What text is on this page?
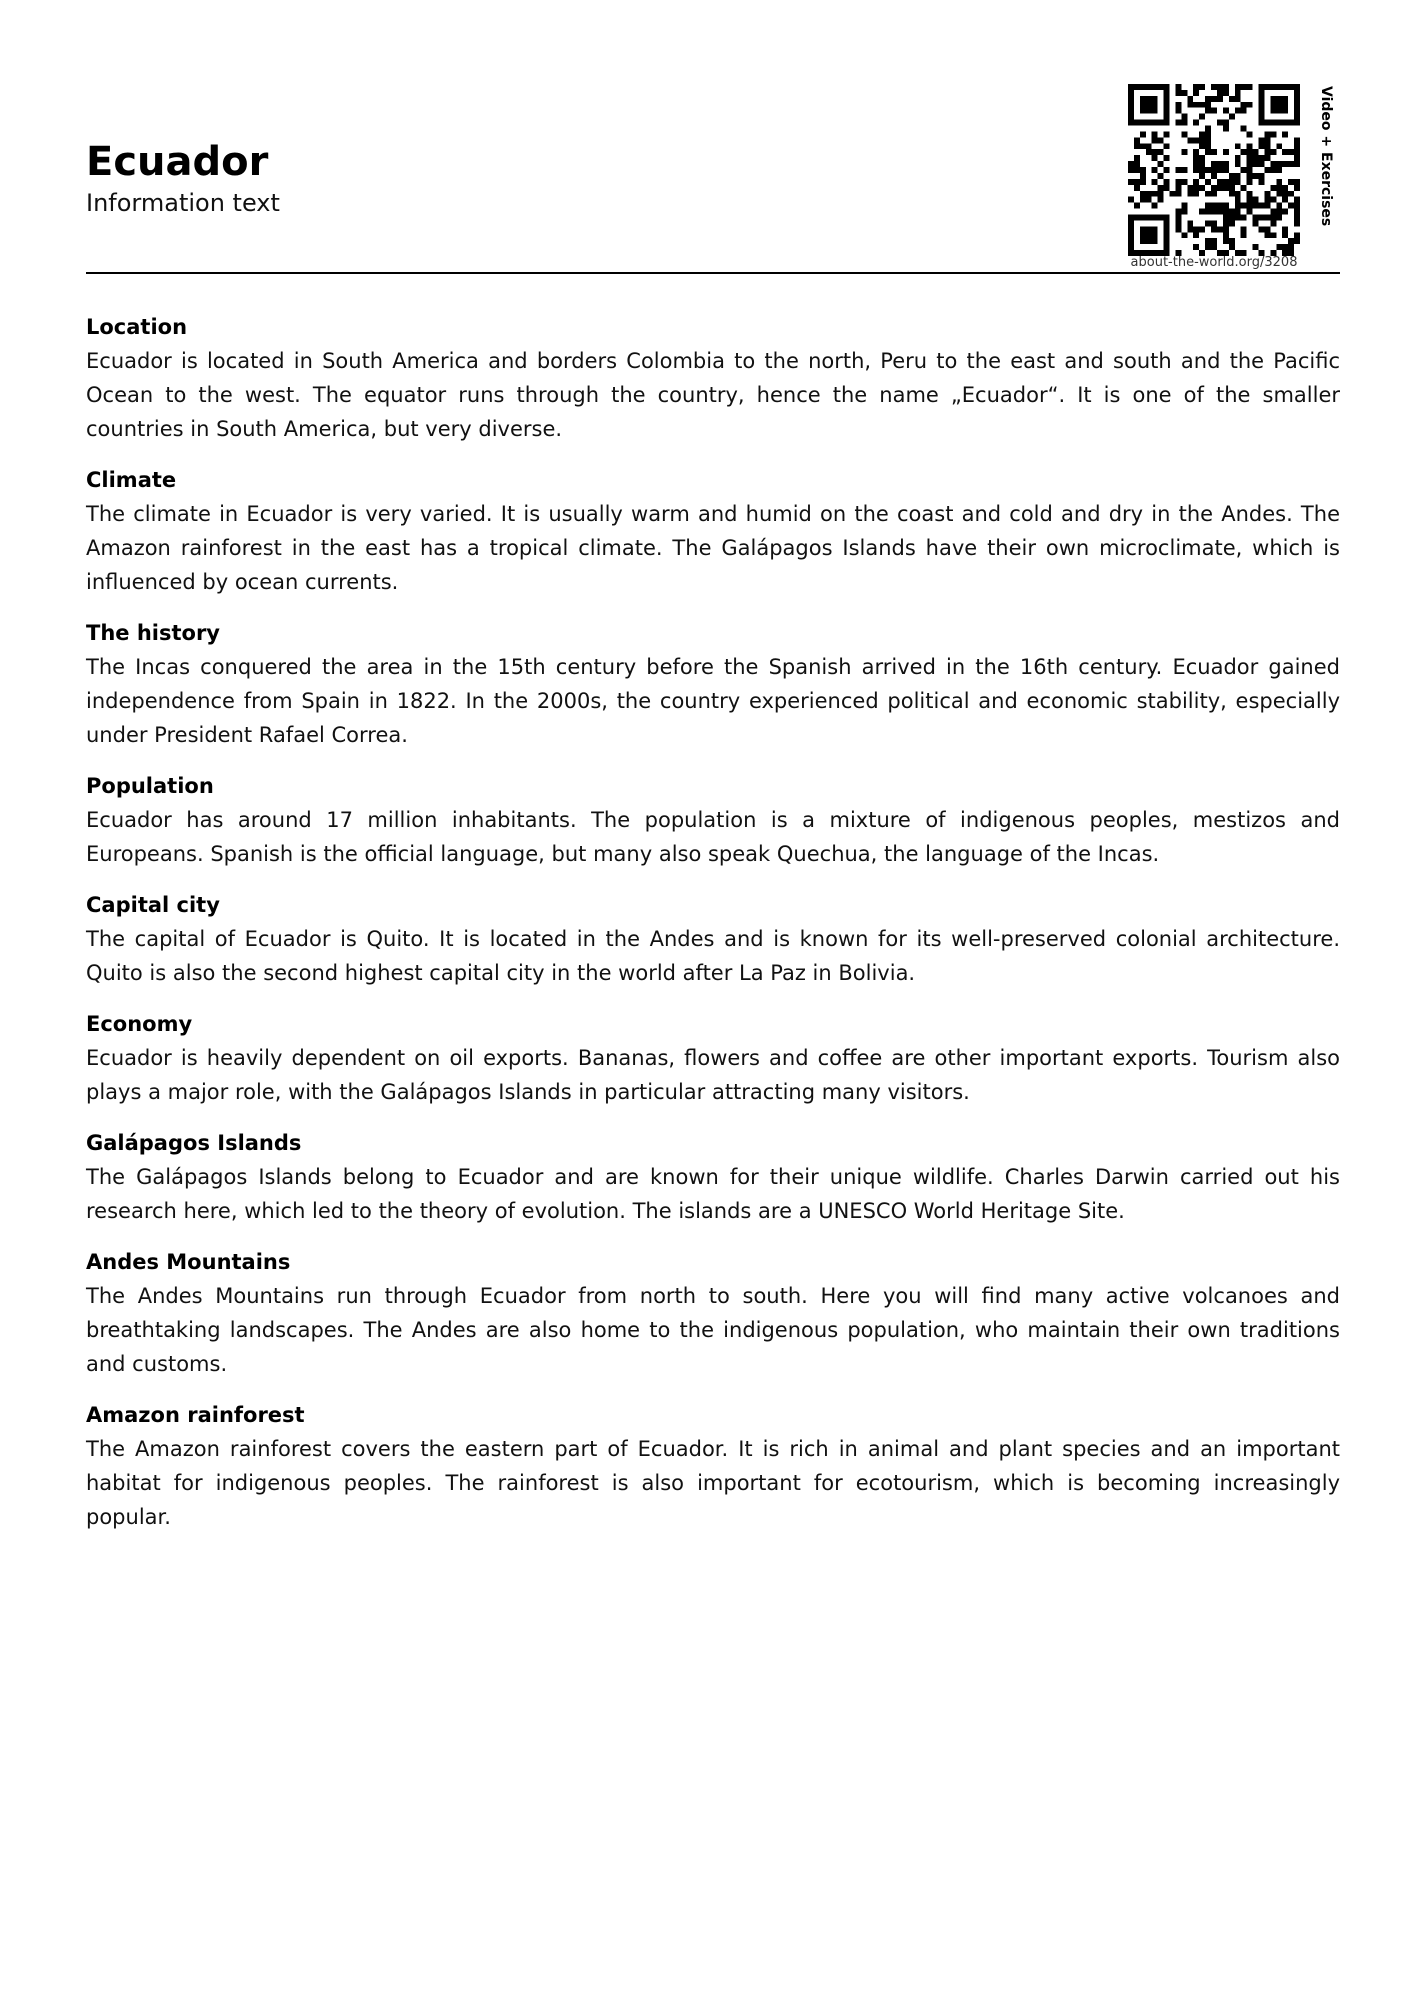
Ecuador

Information text

about-the-world.org/3208
Video + Exercises
Location

Ecuador is located in South America and borders Colombia to the north, Peru to the east and south and the Pacific Ocean to the west. The equator runs through the country, hence the name „Ecuador“. It is one of the smaller countries in South America, but very diverse.

Climate

The climate in Ecuador is very varied. It is usually warm and humid on the coast and cold and dry in the Andes. The Amazon rainforest in the east has a tropical climate. The Galápagos Islands have their own microclimate, which is influenced by ocean currents.

The history

The Incas conquered the area in the 15th century before the Spanish arrived in the 16th century. Ecuador gained independence from Spain in 1822. In the 2000s, the country experienced political and economic stability, especially under President Rafael Correa.

Population

Ecuador has around 17 million inhabitants. The population is a mixture of indigenous peoples, mestizos and Europeans. Spanish is the official language, but many also speak Quechua, the language of the Incas.

Capital city

The capital of Ecuador is Quito. It is located in the Andes and is known for its well-preserved colonial architecture. Quito is also the second highest capital city in the world after La Paz in Bolivia.

Economy

Ecuador is heavily dependent on oil exports. Bananas, flowers and coffee are other important exports. Tourism also plays a major role, with the Galápagos Islands in particular attracting many visitors.

Galápagos Islands

The Galápagos Islands belong to Ecuador and are known for their unique wildlife. Charles Darwin carried out his research here, which led to the theory of evolution. The islands are a UNESCO World Heritage Site.

Andes Mountains

The Andes Mountains run through Ecuador from north to south. Here you will find many active volcanoes and breathtaking landscapes. The Andes are also home to the indigenous population, who maintain their own traditions and customs.

Amazon rainforest

The Amazon rainforest covers the eastern part of Ecuador. It is rich in animal and plant species and an important habitat for indigenous peoples. The rainforest is also important for ecotourism, which is becoming increasingly popular.
